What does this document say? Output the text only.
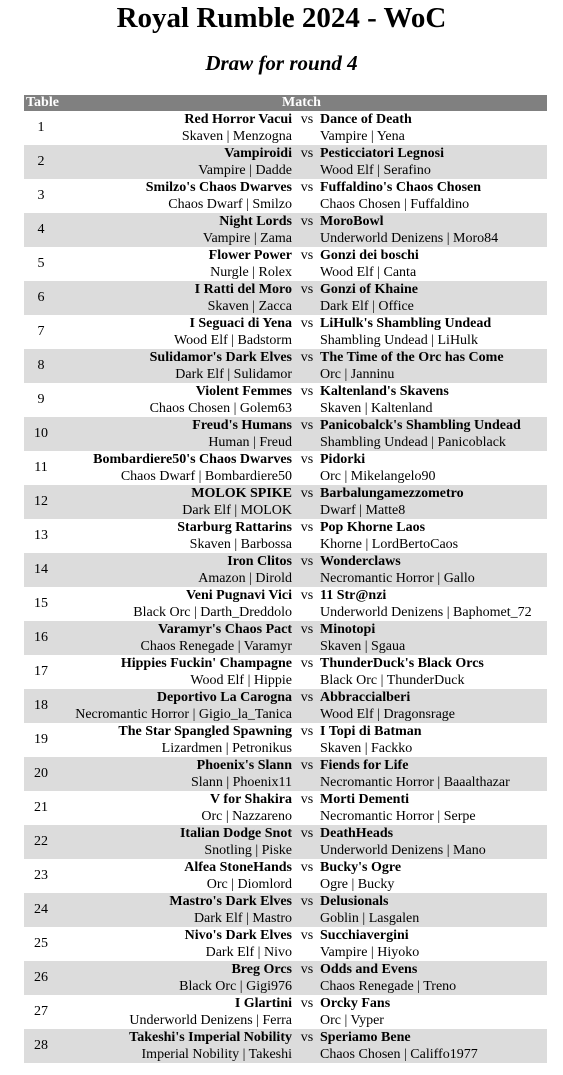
Royal Rumble 2024 - WoC
Draw for round 4
Table	Match
1
Red Horror Vacui
Skaven | Menzogna
vs Dance of Death
Vampire | Yena
2
Vampiroidi
Vampire | Dadde
vs Pesticciatori Legnosi
Wood Elf | Serafino
3
Smilzo's Chaos Dwarves
Chaos Dwarf | Smilzo
vs Fuffaldino's Chaos Chosen
Chaos Chosen | Fuffaldino
4
Night Lords
Vampire | Zama
vs MoroBowl
Underworld Denizens | Moro84
5
Flower Power
Nurgle | Rolex
vs Gonzi dei boschi
Wood Elf | Canta
6
I Ratti del Moro
Skaven | Zacca
vs Gonzi of Khaine
Dark Elf | Office
7
I Seguaci di Yena
Wood Elf | Badstorm
vs LiHulk's Shambling Undead
Shambling Undead | LiHulk
8
Sulidamor's Dark Elves
Dark Elf | Sulidamor
vs The Time of the Orc has Come
Orc | Janninu
9
Violent Femmes
Chaos Chosen | Golem63
vs Kaltenland's Skavens
Skaven | Kaltenland
10
Freud's Humans
Human | Freud
vs Panicobalck's Shambling Undead
Shambling Undead | Panicoblack
11
Bombardiere50's Chaos Dwarves
Chaos Dwarf | Bombardiere50
vs Pidorki
Orc | Mikelangelo90
12
MOLOK SPIKE
Dark Elf | MOLOK
vs Barbalungamezzometro
Dwarf | Matte8
13
Starburg Rattarins
Skaven | Barbossa
vs Pop Khorne Laos
Khorne | LordBertoCaos
14
Iron Clitos
Amazon | Dirold
vs Wonderclaws
Necromantic Horror | Gallo
15
Veni Pugnavi Vici
Black Orc | Darth_Dreddolo
vs 11 Str@nzi
Underworld Denizens | Baphomet_72
16
Varamyr's Chaos Pact
Chaos Renegade | Varamyr
vs Minotopi
Skaven | Sgaua
17
Hippies Fuckin' Champagne
Wood Elf | Hippie
vs ThunderDuck's Black Orcs
Black Orc | ThunderDuck
18
Deportivo La Carogna
Necromantic Horror | Gigio_la_Tanica
vs Abbraccialberi
Wood Elf | Dragonsrage
19
The Star Spangled Spawning
Lizardmen | Petronikus
vs I Topi di Batman
Skaven | Fackko
20
Phoenix's Slann
Slann | Phoenix11
vs Fiends for Life
Necromantic Horror | Baaalthazar
21
V for Shakira
Orc | Nazzareno
vs Morti Dementi
Necromantic Horror | Serpe
22
Italian Dodge Snot
Snotling | Piske
vs DeathHeads
Underworld Denizens | Mano
23
Alfea StoneHands
Orc | Diomlord
vs Bucky's Ogre
Ogre | Bucky
24
Mastro's Dark Elves
Dark Elf | Mastro
vs Delusionals
Goblin | Lasgalen
25
Nivo's Dark Elves
Dark Elf | Nivo
vs Succhiavergini
Vampire | Hiyoko
26
Breg Orcs
Black Orc | Gigi976
vs Odds and Evens
Chaos Renegade | Treno
27
I Glartini
Underworld Denizens | Ferra
vs Orcky Fans
Orc | Vyper
28
Takeshi's Imperial Nobility
Imperial Nobility | Takeshi
vs Speriamo Bene
Chaos Chosen | Califfo1977
